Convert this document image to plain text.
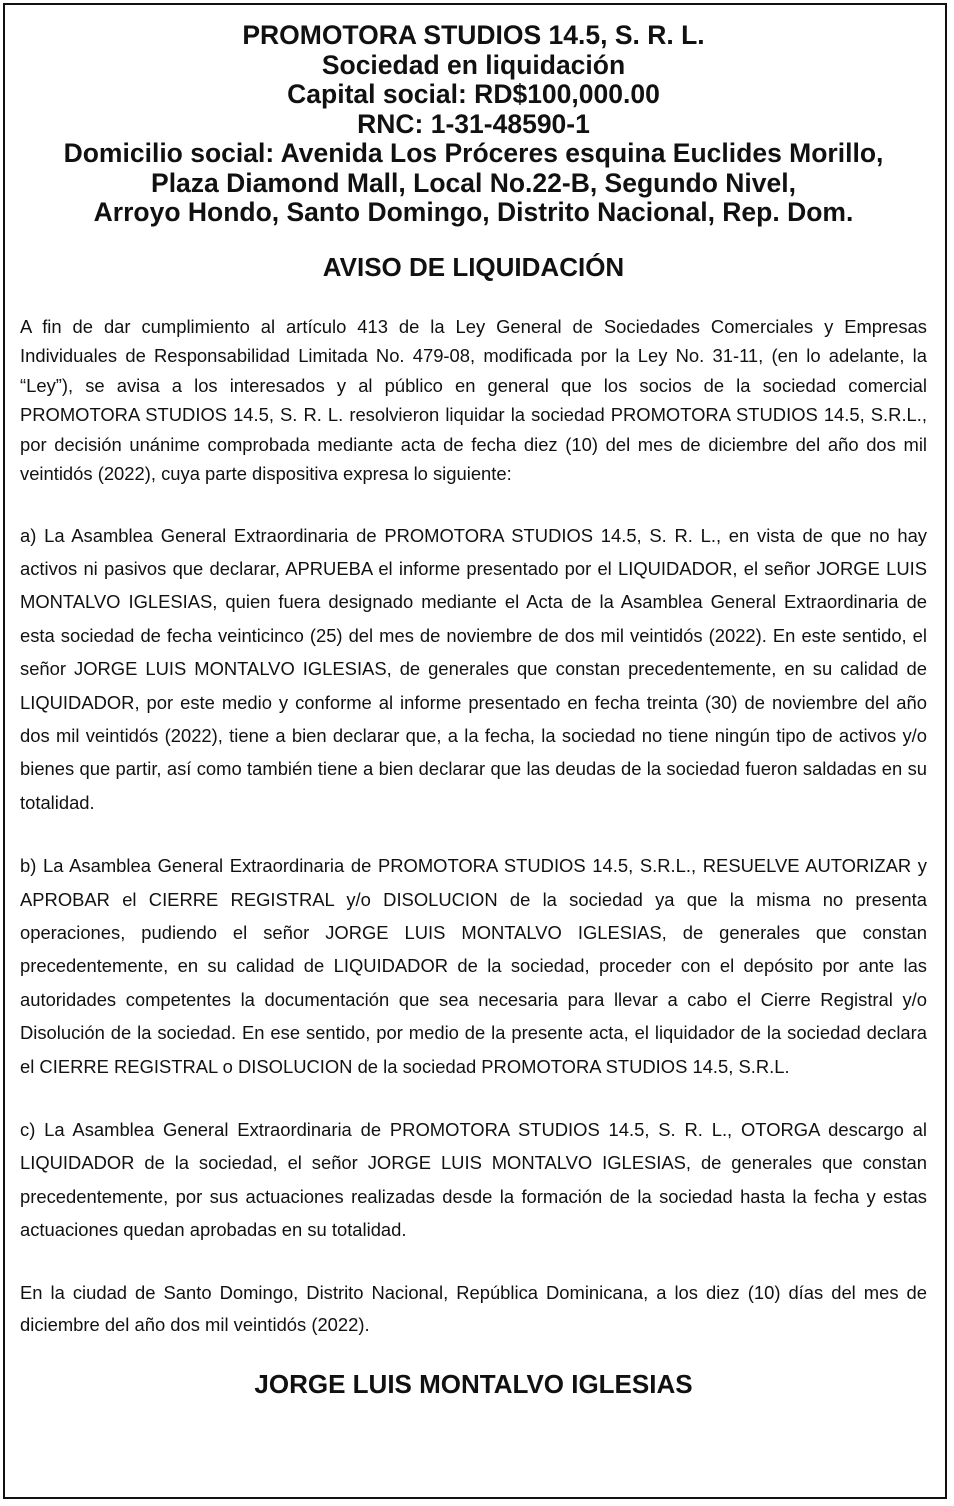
PROMOTORA STUDIOS 14.5, S. R. L.
Sociedad en liquidación
Capital social: RD$100,000.00
RNC: 1-31-48590-1
Domicilio social: Avenida Los Próceres esquina Euclides Morillo,
Plaza Diamond Mall, Local No.22-B, Segundo Nivel,
Arroyo Hondo, Santo Domingo, Distrito Nacional, Rep. Dom.
AVISO DE LIQUIDACIÓN

A fin de dar cumplimiento al artículo 413 de la Ley General de Sociedades Comerciales y Empresas Individuales de Responsabilidad Limitada No. 479-08, modificada por la Ley No. 31-11, (en lo adelante, la “Ley”), se avisa a los interesados y al público en general que los socios de la sociedad comercial PROMOTORA STUDIOS 14.5, S. R. L. resolvieron liquidar la sociedad PROMOTORA STUDIOS 14.5, S.R.L., por decisión unánime comprobada mediante acta de fecha diez (10) del mes de diciembre del año dos mil veintidós (2022), cuya parte dispositiva expresa lo siguiente:

a) La Asamblea General Extraordinaria de PROMOTORA STUDIOS 14.5, S. R. L., en vista de que no hay activos ni pasivos que declarar, APRUEBA el informe presentado por el LIQUIDADOR, el señor JORGE LUIS MONTALVO IGLESIAS, quien fuera designado mediante el Acta de la Asamblea General Extraordinaria de esta sociedad de fecha veinticinco (25) del mes de noviembre de dos mil veintidós (2022). En este sentido, el señor JORGE LUIS MONTALVO IGLESIAS, de generales que constan precedentemente, en su calidad de LIQUIDADOR, por este medio y conforme al informe presentado en fecha treinta (30) de noviembre del año dos mil veintidós (2022), tiene a bien declarar que, a la fecha, la sociedad no tiene ningún tipo de activos y/o bienes que partir, así como también tiene a bien declarar que las deudas de la sociedad fueron saldadas en su totalidad.

b) La Asamblea General Extraordinaria de PROMOTORA STUDIOS 14.5, S.R.L., RESUELVE AUTORIZAR y APROBAR el CIERRE REGISTRAL y/o DISOLUCION de la sociedad ya que la misma no presenta operaciones, pudiendo el señor JORGE LUIS MONTALVO IGLESIAS, de generales que constan precedentemente, en su calidad de LIQUIDADOR de la sociedad, proceder con el depósito por ante las autoridades competentes la documentación que sea necesaria para llevar a cabo el Cierre Registral y/o Disolución de la sociedad. En ese sentido, por medio de la presente acta, el liquidador de la sociedad declara el CIERRE REGISTRAL o DISOLUCION de la sociedad PROMOTORA STUDIOS 14.5, S.R.L.

c) La Asamblea General Extraordinaria de PROMOTORA STUDIOS 14.5, S. R. L., OTORGA descargo al LIQUIDADOR de la sociedad, el señor JORGE LUIS MONTALVO IGLESIAS, de generales que constan precedentemente, por sus actuaciones realizadas desde la formación de la sociedad hasta la fecha y estas actuaciones quedan aprobadas en su totalidad.

En la ciudad de Santo Domingo, Distrito Nacional, República Dominicana, a los diez (10) días del mes de diciembre del año dos mil veintidós (2022).

JORGE LUIS MONTALVO IGLESIAS
